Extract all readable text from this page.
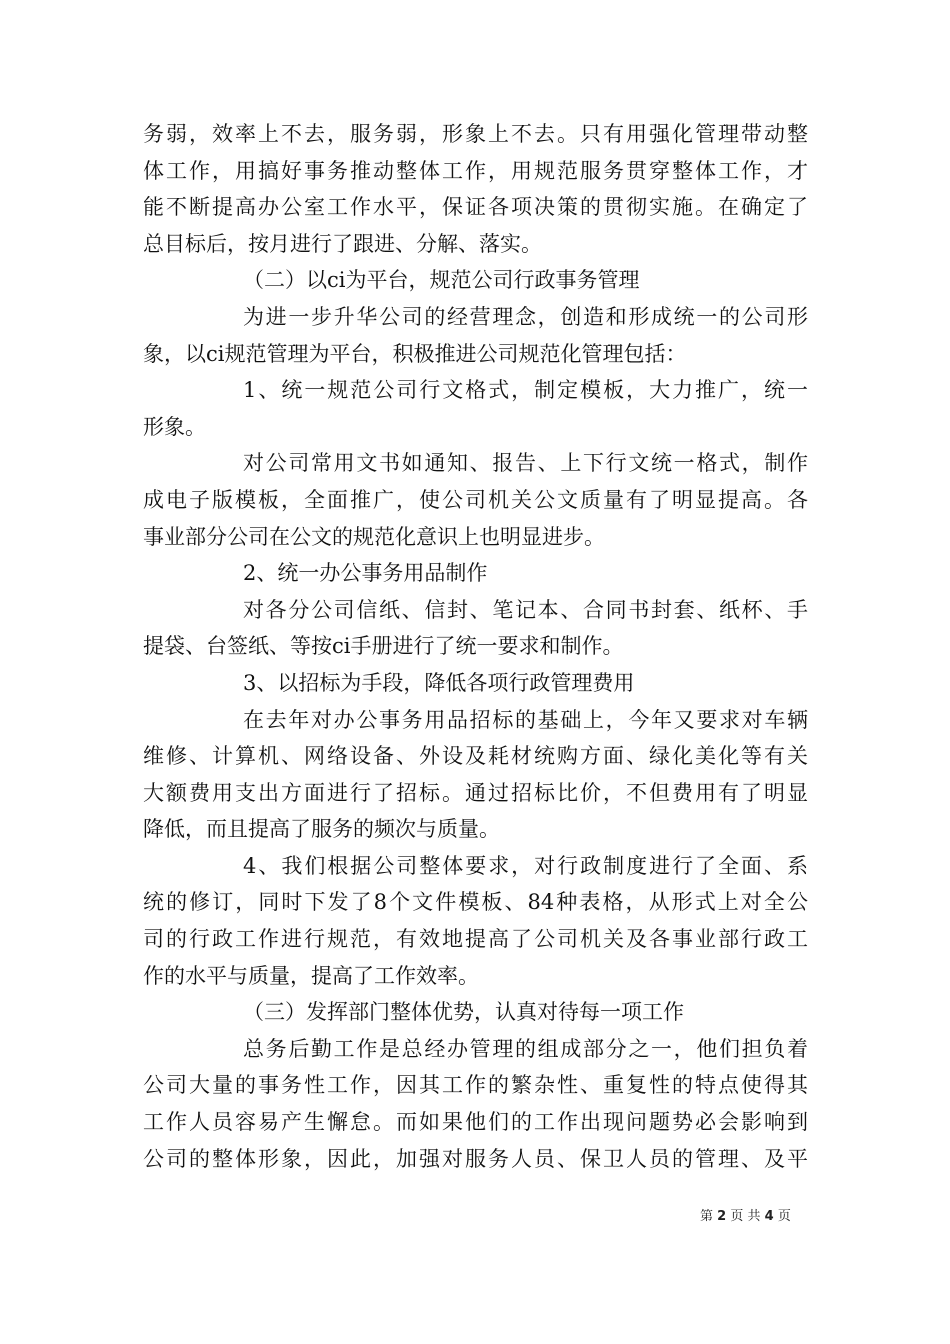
务弱，效率上不去，服务弱，形象上不去。只有用强化管理带动整
体工作，用搞好事务推动整体工作，用规范服务贯穿整体工作，才
能不断提高办公室工作水平，保证各项决策的贯彻实施。在确定了
总目标后，按月进行了跟进、分解、落实。
（二）以ci为平台，规范公司行政事务管理
为进一步升华公司的经营理念，创造和形成统一的公司形
象，以ci规范管理为平台，积极推进公司规范化管理包括：
1、统一规范公司行文格式，制定模板，大力推广，统一
形象。
对公司常用文书如通知、报告、上下行文统一格式，制作
成电子版模板，全面推广，使公司机关公文质量有了明显提高。各
事业部分公司在公文的规范化意识上也明显进步。
2、统一办公事务用品制作
对各分公司信纸、信封、笔记本、合同书封套、纸杯、手
提袋、台签纸、等按ci手册进行了统一要求和制作。
3、以招标为手段，降低各项行政管理费用
在去年对办公事务用品招标的基础上，今年又要求对车辆
维修、计算机、网络设备、外设及耗材统购方面、绿化美化等有关
大额费用支出方面进行了招标。通过招标比价，不但费用有了明显
降低，而且提高了服务的频次与质量。
4、我们根据公司整体要求，对行政制度进行了全面、系
统的修订，同时下发了8个文件模板、84种表格，从形式上对全公
司的行政工作进行规范，有效地提高了公司机关及各事业部行政工
作的水平与质量，提高了工作效率。
（三）发挥部门整体优势，认真对待每一项工作
总务后勤工作是总经办管理的组成部分之一，他们担负着
公司大量的事务性工作，因其工作的繁杂性、重复性的特点使得其
工作人员容易产生懈怠。而如果他们的工作出现问题势必会影响到
公司的整体形象，因此，加强对服务人员、保卫人员的管理、及平
第 2 页 共 4 页
